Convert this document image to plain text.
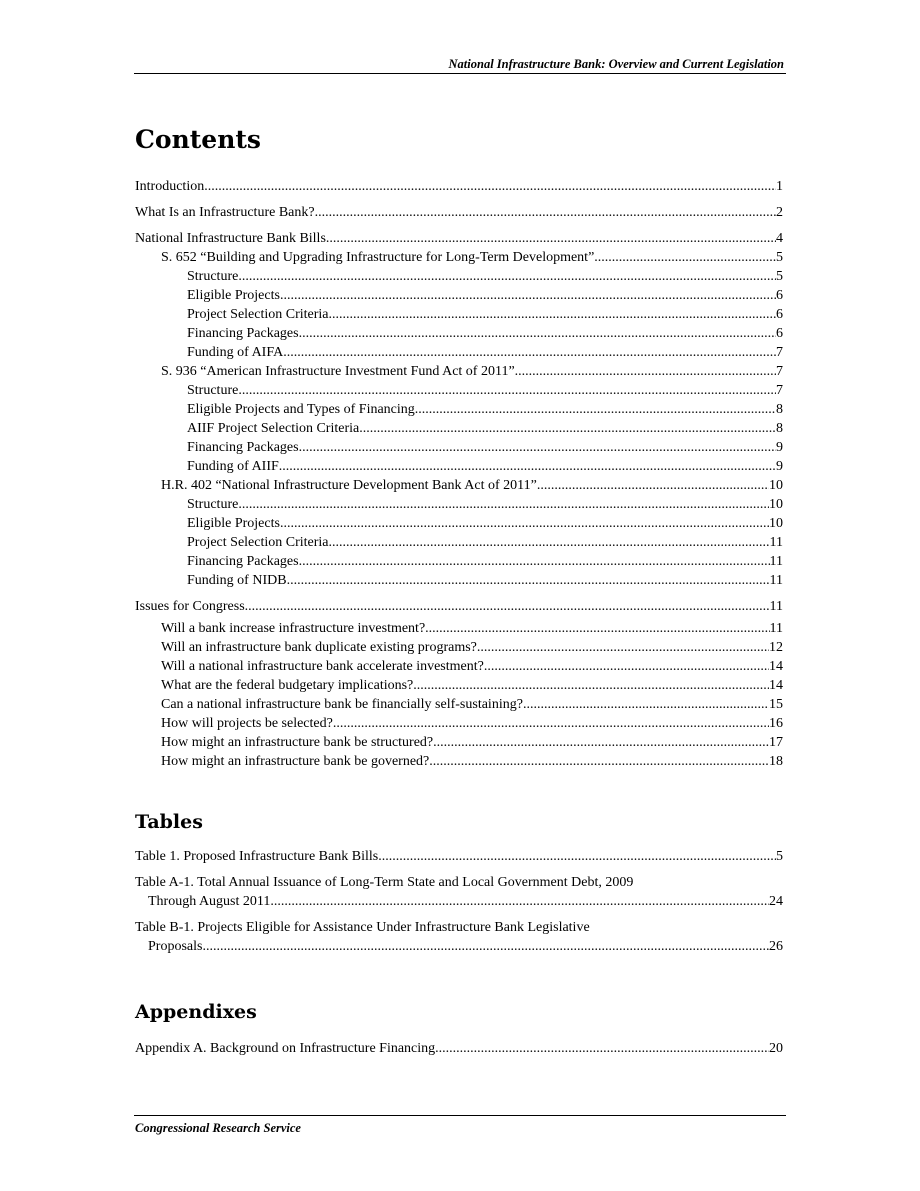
National Infrastructure Bank: Overview and Current Legislation
Contents
Introduction .....	1
What Is an Infrastructure Bank? .....	2
National Infrastructure Bank Bills .....	4
S. 652 “Building and Upgrading Infrastructure for Long-Term Development” .....	5
Structure .....	5
Eligible Projects .....	6
Project Selection Criteria .....	6
Financing Packages .....	6
Funding of AIFA .....	7
S. 936 “American Infrastructure Investment Fund Act of 2011” .....	7
Structure .....	7
Eligible Projects and Types of Financing .....	8
AIIF Project Selection Criteria .....	8
Financing Packages .....	9
Funding of AIIF .....	9
H.R. 402 “National Infrastructure Development Bank Act of 2011” .....	10
Structure .....	10
Eligible Projects .....	10
Project Selection Criteria .....	11
Financing Packages .....	11
Funding of NIDB .....	11
Issues for Congress .....	11
Will a bank increase infrastructure investment? .....	11
Will an infrastructure bank duplicate existing programs? .....	12
Will a national infrastructure bank accelerate investment? .....	14
What are the federal budgetary implications? .....	14
Can a national infrastructure bank be financially self-sustaining? .....	15
How will projects be selected? .....	16
How might an infrastructure bank be structured? .....	17
How might an infrastructure bank be governed? .....	18
Tables
Table 1. Proposed Infrastructure Bank Bills .....	5
Table A-1. Total Annual Issuance of Long-Term State and Local Government Debt, 2009
Through August 2011 .....	24
Table B-1. Projects Eligible for Assistance Under Infrastructure Bank Legislative
Proposals .....	26
Appendixes
Appendix A. Background on Infrastructure Financing .....	20
Congressional Research Service
